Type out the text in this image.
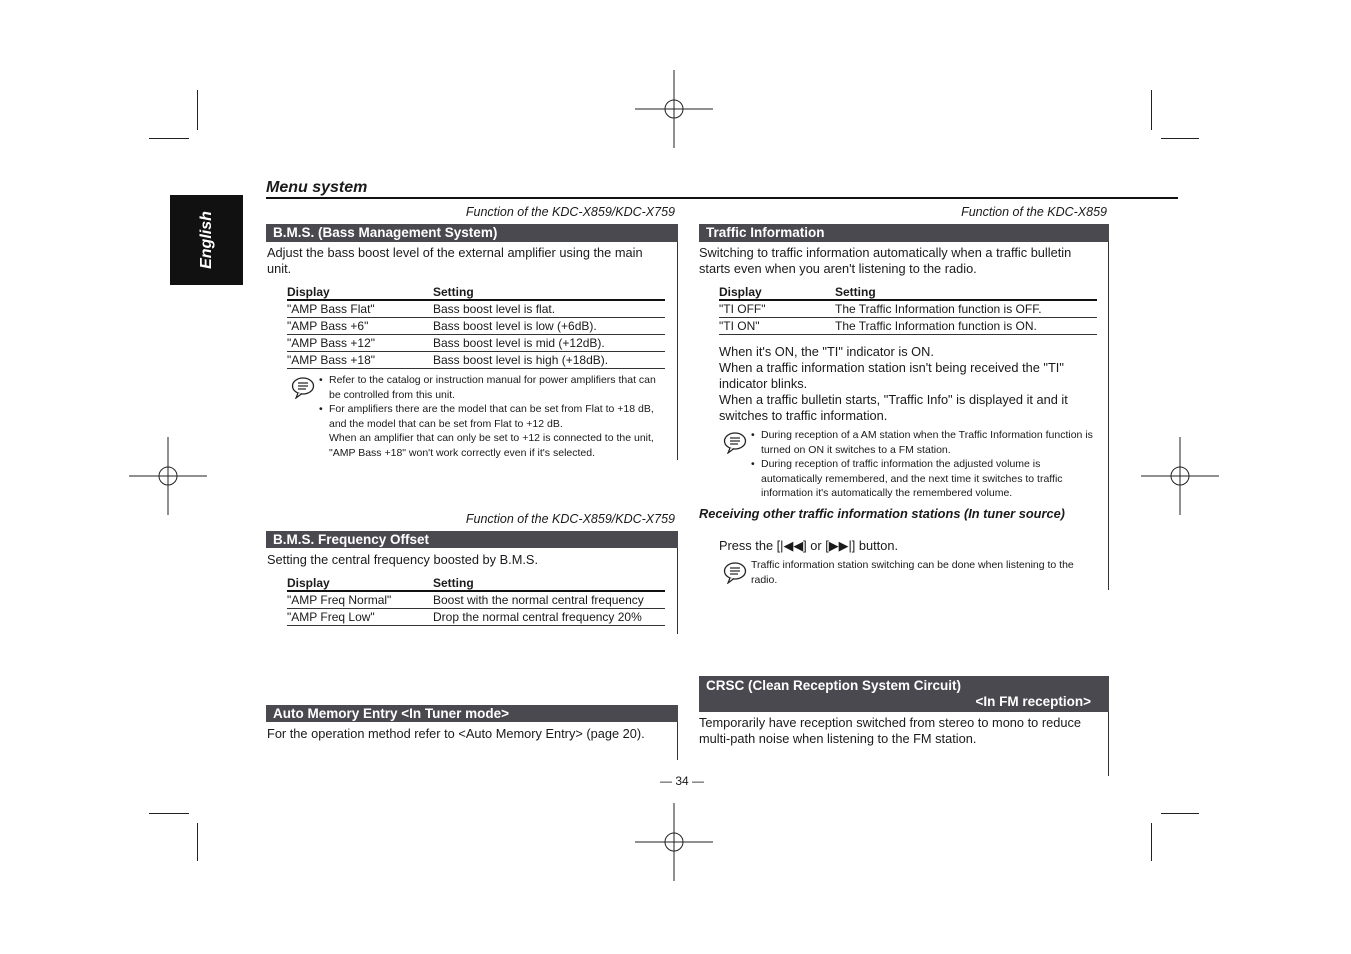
English
Menu system
Function of the KDC-X859/KDC-X759
B.M.S. (Bass Management System)
Adjust the bass boost level of the external amplifier using the main unit.
Display	Setting
"AMP Bass Flat"	Bass boost level is flat.
"AMP Bass +6"	Bass boost level is low (+6dB).
"AMP Bass +12"	Bass boost level is mid (+12dB).
"AMP Bass +18"	Bass boost level is high (+18dB).
• Refer to the catalog or instruction manual for power amplifiers that can be controlled from this unit.
• For amplifiers there are the model that can be set from Flat to +18 dB, and the model that can be set from Flat to +12 dB.
When an amplifier that can only be set to +12 is connected to the unit, "AMP Bass +18" won't work correctly even if it's selected.
Function of the KDC-X859/KDC-X759
B.M.S. Frequency Offset
Setting the central frequency boosted by B.M.S.
Display	Setting
"AMP Freq Normal"	Boost with the normal central frequency
"AMP Freq Low"	Drop the normal central frequency 20%
Auto Memory Entry <In Tuner mode>
For the operation method refer to <Auto Memory Entry> (page 20).
Function of the KDC-X859
Traffic Information
Switching to traffic information automatically when a traffic bulletin starts even when you aren't listening to the radio.
Display	Setting
"TI OFF"	The Traffic Information function is OFF.
"TI ON"	The Traffic Information function is ON.
When it's ON, the "TI" indicator is ON.
When a traffic information station isn't being received the "TI" indicator blinks.
When a traffic bulletin starts, "Traffic Info" is displayed it and it switches to traffic information.
• During reception of a AM station when the Traffic Information function is turned on ON it switches to a FM station.
• During reception of traffic information the adjusted volume is automatically remembered, and the next time it switches to traffic information it's automatically the remembered volume.
Receiving other traffic information stations (In tuner source)
Press the [|◀◀] or [▶▶|] button.
Traffic information station switching can be done when listening to the radio.
CRSC (Clean Reception System Circuit)
<In FM reception>
Temporarily have reception switched from stereo to mono to reduce multi-path noise when listening to the FM station.
— 34 —
